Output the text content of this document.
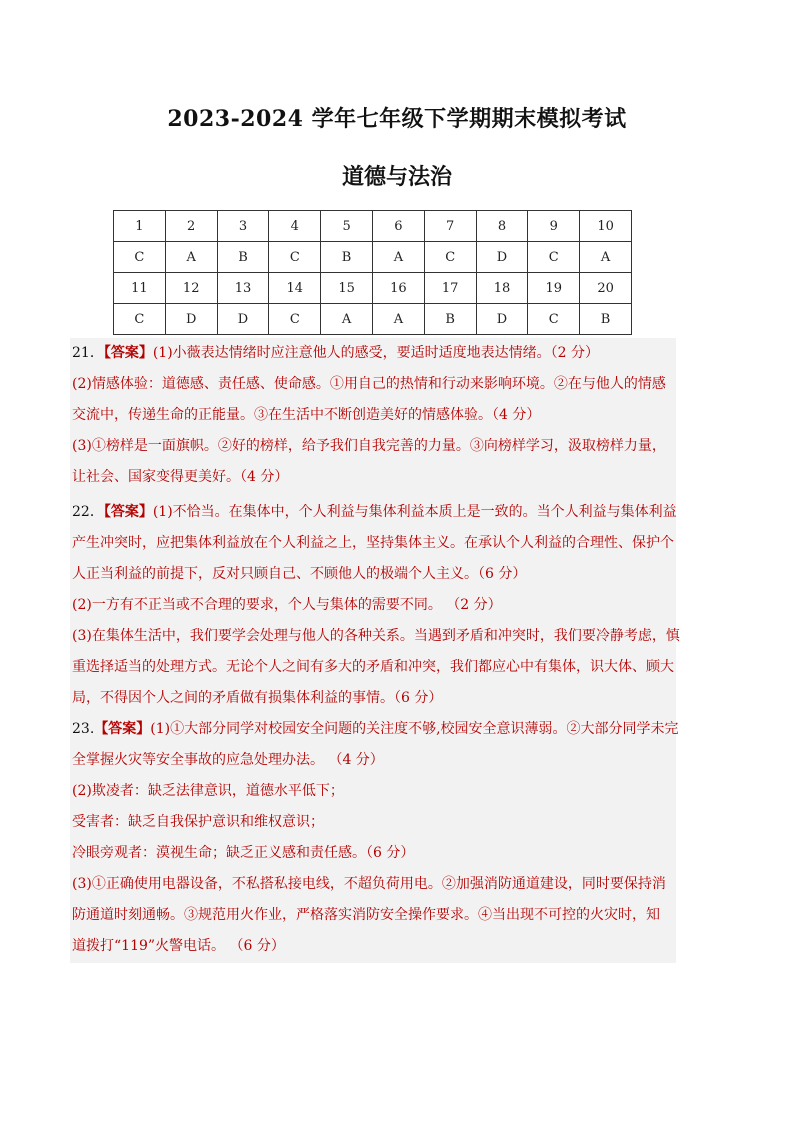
2023-2024 学年七年级下学期期末模拟考试
道德与法治
1	2	3	4	5	6	7	8	9	10
C	A	B	C	B	A	C	D	C	A
11	12	13	14	15	16	17	18	19	20
C	D	D	C	A	A	B	D	C	B
21．【答案】(1)小薇表达情绪时应注意他人的感受，要适时适度地表达情绪。（2 分）
(2)情感体验：道德感、责任感、使命感。①用自己的热情和行动来影响环境。②在与他人的情感
交流中，传递生命的正能量。③在生活中不断创造美好的情感体验。（4 分）
(3)①榜样是一面旗帜。②好的榜样，给予我们自我完善的力量。③向榜样学习，汲取榜样力量，
让社会、国家变得更美好。（4 分）
22．【答案】(1)不恰当。在集体中，个人利益与集体利益本质上是一致的。当个人利益与集体利益
产生冲突时，应把集体利益放在个人利益之上，坚持集体主义。在承认个人利益的合理性、保护个
人正当利益的前提下，反对只顾自己、不顾他人的极端个人主义。（6 分）
(2)一方有不正当或不合理的要求，个人与集体的需要不同。 （2 分）
(3)在集体生活中，我们要学会处理与他人的各种关系。当遇到矛盾和冲突时，我们要冷静考虑，慎
重选择适当的处理方式。无论个人之间有多大的矛盾和冲突，我们都应心中有集体，识大体、顾大
局，不得因个人之间的矛盾做有损集体利益的事情。（6 分）
23.【答案】(1)①大部分同学对校园安全问题的关注度不够,校园安全意识薄弱。②大部分同学未完
全掌握火灾等安全事故的应急处理办法。 （4 分）
(2)欺凌者：缺乏法律意识，道德水平低下；
受害者：缺乏自我保护意识和维权意识；
冷眼旁观者：漠视生命；缺乏正义感和责任感。（6 分）
(3)①正确使用电器设备，不私搭私接电线，不超负荷用电。②加强消防通道建设，同时要保持消
防通道时刻通畅。③规范用火作业，严格落实消防安全操作要求。④当出现不可控的火灾时，知
道拨打“119”火警电话。 （6 分）
